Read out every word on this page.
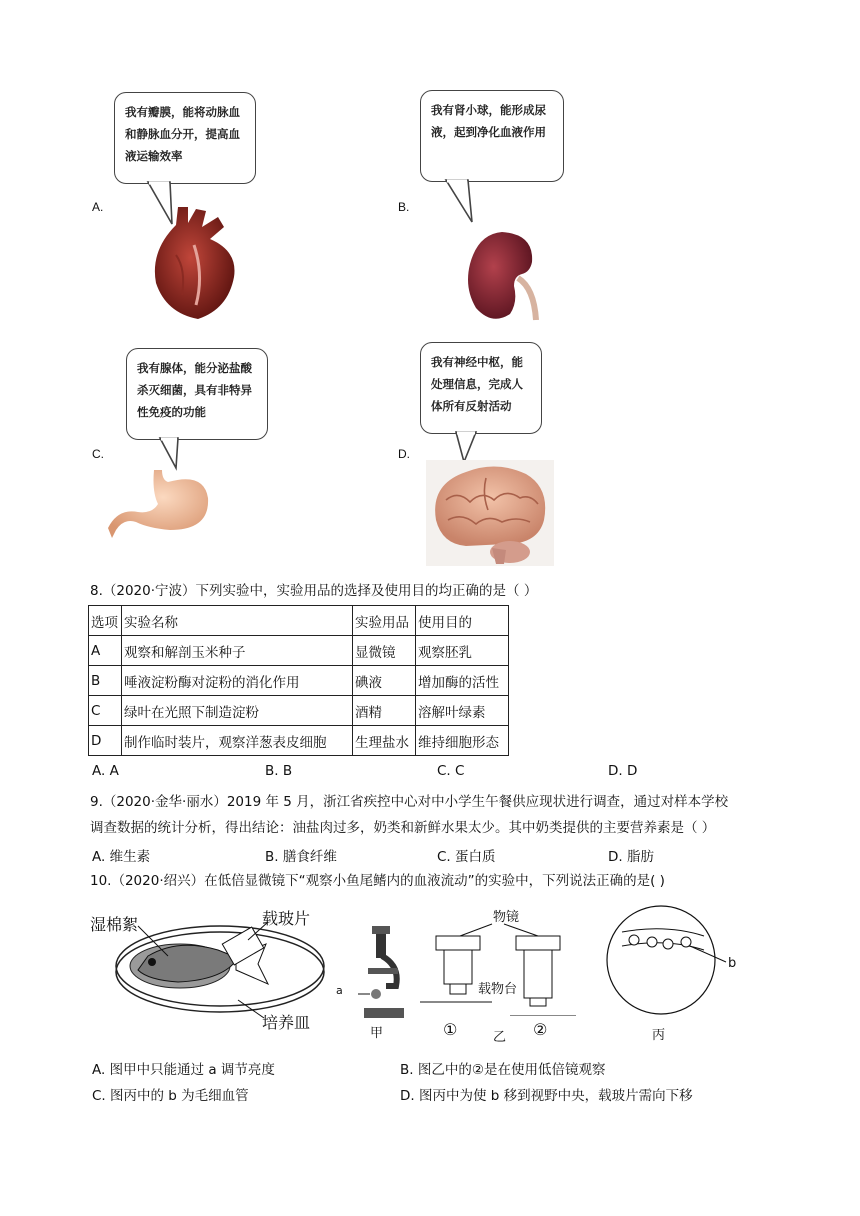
A.
我有瓣膜，能将动脉血和静脉血分开，提高血液运输效率
B.
我有肾小球，能形成尿液，起到净化血液作用
C.
我有腺体，能分泌盐酸杀灭细菌，具有非特异性免疫的功能
D.
我有神经中枢，能处理信息，完成人体所有反射活动
8.（2020·宁波）下列实验中，实验用品的选择及使用目的均正确的是（ ）
选项	实验名称	实验用品	使用目的
A	观察和解剖玉米种子	显微镜	观察胚乳
B	唾液淀粉酶对淀粉的消化作用	碘液	增加酶的活性
C	绿叶在光照下制造淀粉	酒精	溶解叶绿素
D	制作临时装片，观察洋葱表皮细胞	生理盐水	维持细胞形态
A. A	B. B	C. C	D. D
9.（2020·金华·丽水）2019 年 5 月，浙江省疾控中心对中小学生午餐供应现状进行调查，通过对样本学校
调查数据的统计分析，得出结论：油盐肉过多，奶类和新鲜水果太少。其中奶类提供的主要营养素是（ ）
A. 维生素	B. 膳食纤维	C. 蛋白质	D. 脂肪
10.（2020·绍兴）在低倍显微镜下“观察小鱼尾鳍内的血液流动”的实验中，下列说法正确的是( )
湿棉絮	载玻片
培养皿
a
甲
物镜
载物台
①	乙 ②
b
丙
A. 图甲中只能通过 a 调节亮度	B. 图乙中的②是在使用低倍镜观察
C. 图丙中的 b 为毛细血管	D. 图丙中为使 b 移到视野中央，载玻片需向下移
